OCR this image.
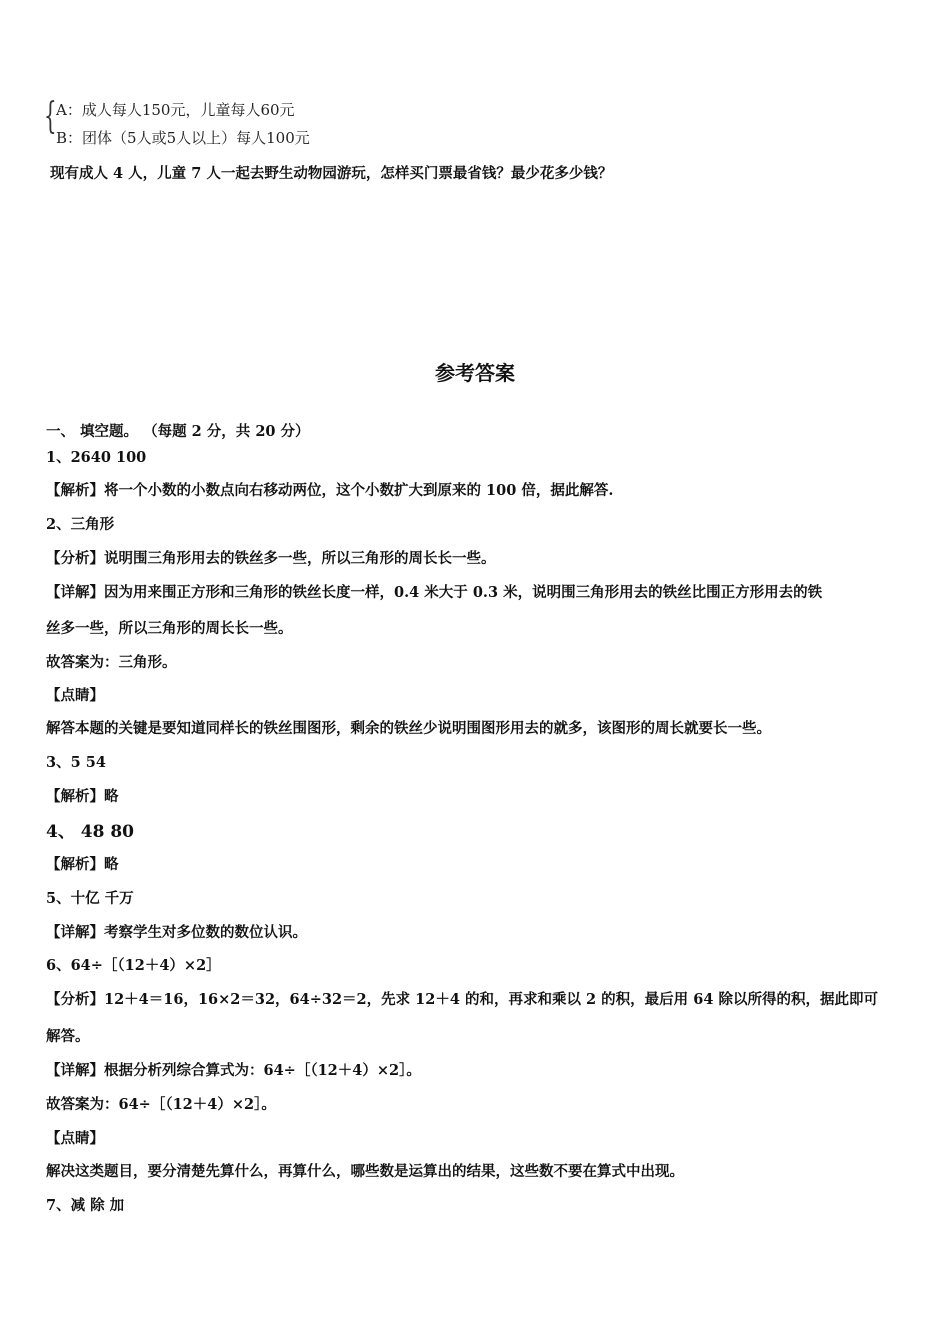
{ A：成人每人150元，儿童每人60元
B：团体（5人或5人以上）每人100元
现有成人 4 人，儿童 7 人一起去野生动物园游玩，怎样买门票最省钱？最少花多少钱？
参考答案
一、 填空题。 （每题 2 分，共 20 分）
1、2640 100
【解析】将一个小数的小数点向右移动两位，这个小数扩大到原来的 100 倍，据此解答.
2、三角形
【分析】说明围三角形用去的铁丝多一些，所以三角形的周长长一些。
【详解】因为用来围正方形和三角形的铁丝长度一样，0.4 米大于 0.3 米，说明围三角形用去的铁丝比围正方形用去的铁
丝多一些，所以三角形的周长长一些。
故答案为：三角形。
【点睛】
解答本题的关键是要知道同样长的铁丝围图形，剩余的铁丝少说明围图形用去的就多，该图形的周长就要长一些。
3、5 54
【解析】略
4、 48 80
【解析】略
5、十亿 千万
【详解】考察学生对多位数的数位认识。
6、64÷［（12＋4）×2］
【分析】12＋4＝16，16×2＝32，64÷32＝2，先求 12＋4 的和，再求和乘以 2 的积，最后用 64 除以所得的积，据此即可
解答。
【详解】根据分析列综合算式为：64÷［（12＋4）×2］。
故答案为：64÷［（12＋4）×2］。
【点睛】
解决这类题目，要分清楚先算什么，再算什么，哪些数是运算出的结果，这些数不要在算式中出现。
7、减 除 加
